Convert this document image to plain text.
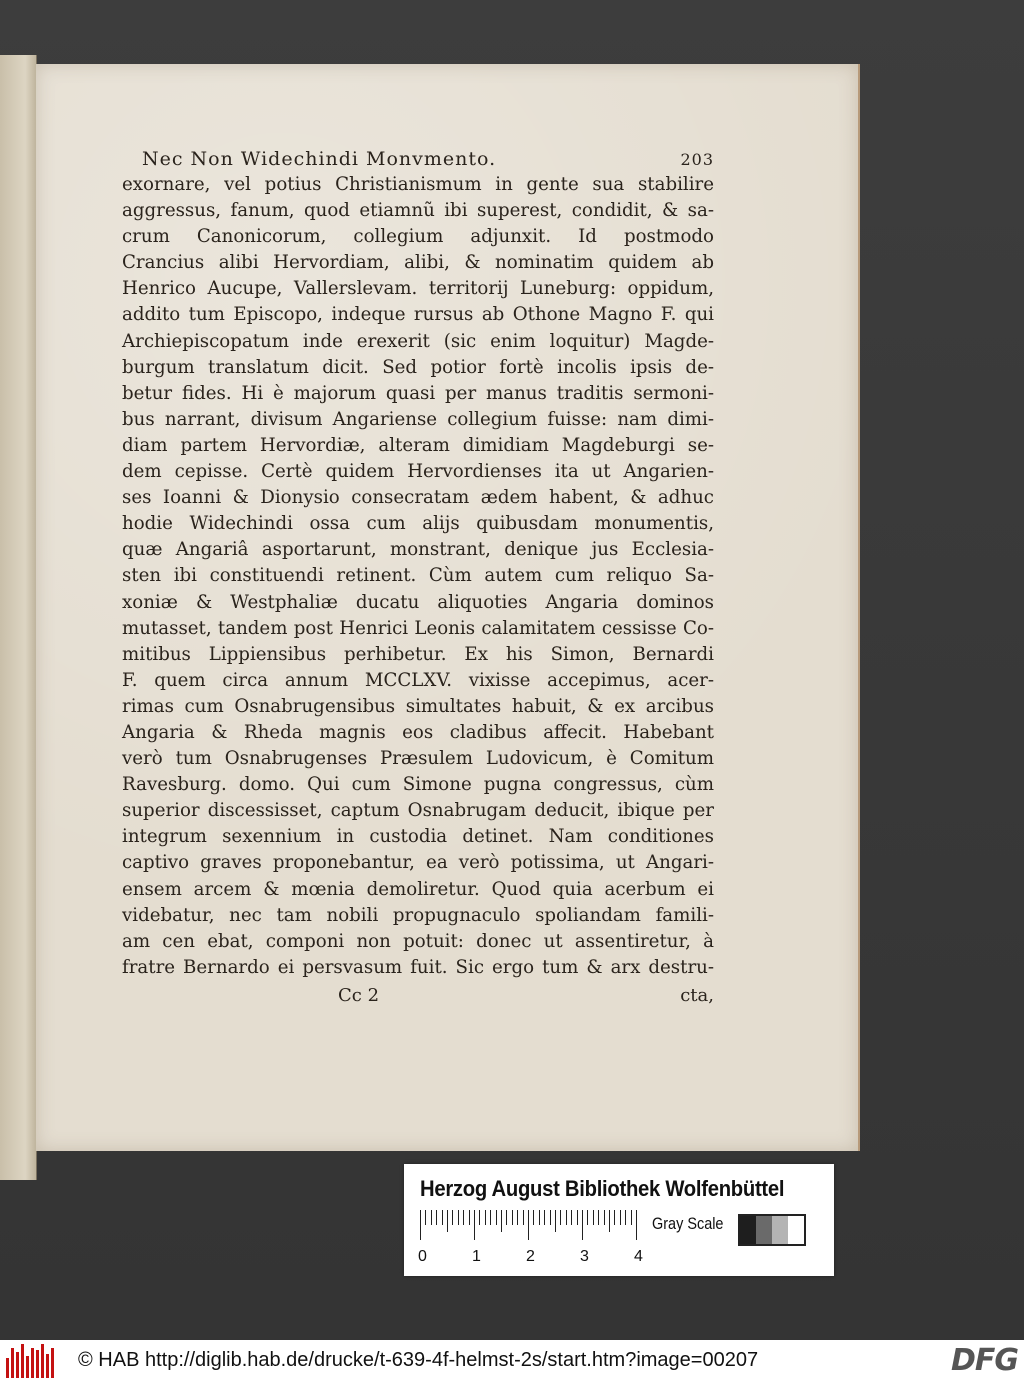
Nec Non Widechindi Monvmento.	203
exornare, vel potius Christianismum in gente sua stabilire
aggressus, fanum, quod etiamnũ ibi superest, condidit, & sa-
crum Canonicorum, collegium adjunxit. Id postmodo
Crancius alibi Hervordiam, alibi, & nominatim quidem ab
Henrico Aucupe, Vallerslevam. territorij Luneburg: oppidum,
addito tum Episcopo, indeque rursus ab Othone Magno F. qui
Archiepiscopatum inde erexerit (sic enim loquitur) Magde-
burgum translatum dicit. Sed potior fortè incolis ipsis de-
betur fides. Hi è majorum quasi per manus traditis sermoni-
bus narrant, divisum Angariense collegium fuisse: nam dimi-
diam partem Hervordiæ, alteram dimidiam Magdeburgi se-
dem cepisse. Certè quidem Hervordienses ita ut Angarien-
ses Ioanni & Dionysio consecratam ædem habent, & adhuc
hodie Widechindi ossa cum alijs quibusdam monumentis,
quæ Angariâ asportarunt, monstrant, denique jus Ecclesia-
sten ibi constituendi retinent. Cùm autem cum reliquo Sa-
xoniæ & Westphaliæ ducatu aliquoties Angaria dominos
mutasset, tandem post Henrici Leonis calamitatem cessisse Co-
mitibus Lippiensibus perhibetur. Ex his Simon, Bernardi
F. quem circa annum MCCLXV. vixisse accepimus, acer-
rimas cum Osnabrugensibus simultates habuit, & ex arcibus
Angaria & Rheda magnis eos cladibus affecit. Habebant
verò tum Osnabrugenses Præsulem Ludovicum, è Comitum
Ravesburg. domo. Qui cum Simone pugna congressus, cùm
superior discessisset, captum Osnabrugam deducit, ibique per
integrum sexennium in custodia detinet. Nam conditiones
captivo graves proponebantur, ea verò potissima, ut Angari-
ensem arcem & mœnia demoliretur. Quod quia acerbum ei
videbatur, nec tam nobili propugnaculo spoliandam famili-
am cen ebat, componi non potuit: donec ut assentiretur, à
fratre Bernardo ei persvasum fuit. Sic ergo tum & arx destru-
Cc 2	cta,
Herzog August Bibliothek Wolfenbüttel
0	1	2	3	4
Gray Scale
© HAB http://diglib.hab.de/drucke/t-639-4f-helmst-2s/start.htm?image=00207	DFG
